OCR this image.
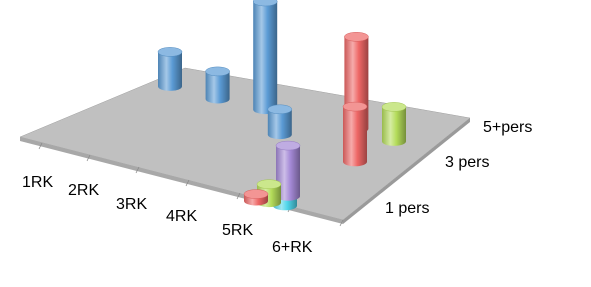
1RK 2RK
3RK
4RK
5RK
6+RK
1 pers
3 pers
5+pers
